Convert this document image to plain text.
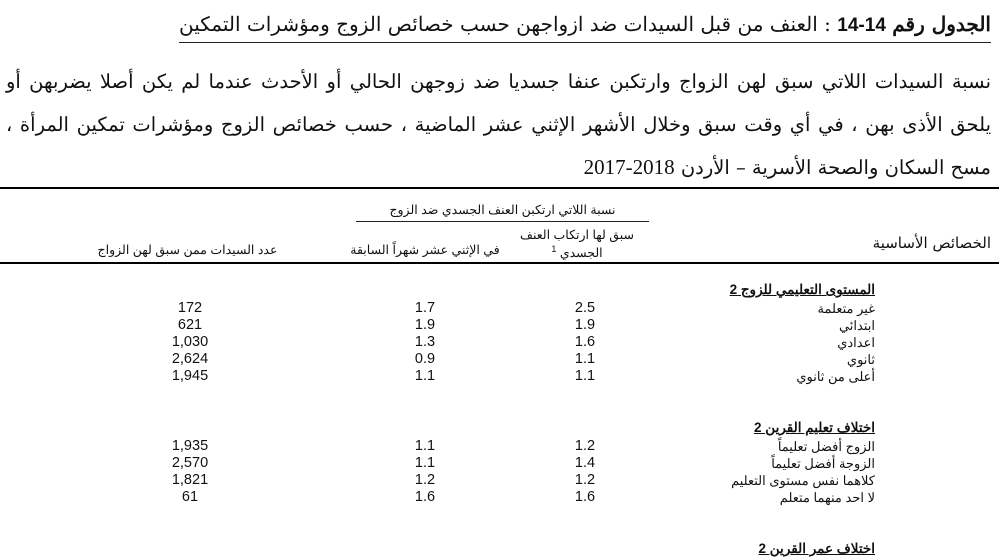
الجدول رقم 14-14 : العنف من قبل السيدات ضد ازواجهن حسب خصائص الزوج ومؤشرات التمكين
نسبة السيدات اللاتي سبق لهن الزواج وارتكبن عنفا جسديا ضد زوجهن الحالي أو الأحدث عندما لم يكن أصلا يضربهن أو يلحق الأذى بهن ، في أي وقت سبق وخلال الأشهر الإثني عشر الماضية ، حسب خصائص الزوج ومؤشرات تمكين المرأة ، مسح السكان والصحة الأسرية – الأردن 2018-2017
نسبة اللاتي ارتكبن العنف الجسدي ضد الزوج
سبق لها ارتكاب العنف الجسدي $^1$
في الإثني عشر شهراً السابقة
عدد السيدات ممن سبق لهن الزواج	الخصائص الأساسية
المستوى التعليمي للزوج 2
172	1.7	2.5	غير متعلمة
621	1.9	1.9	ابتدائي
1,030	1.3	1.6	اعدادي
2,624	0.9	1.1	ثانوي
1,945	1.1	1.1	أعلى من ثانوي
اختلاف تعليم القرين 2
1,935	1.1	1.2	الزوج أفضل تعليماً
2,570	1.1	1.4	الزوجة أفضل تعليماً
1,821	1.2	1.2	كلاهما نفس مستوى التعليم
61	1.6	1.6	لا احد منهما متعلم
اختلاف عمر القرين 2
